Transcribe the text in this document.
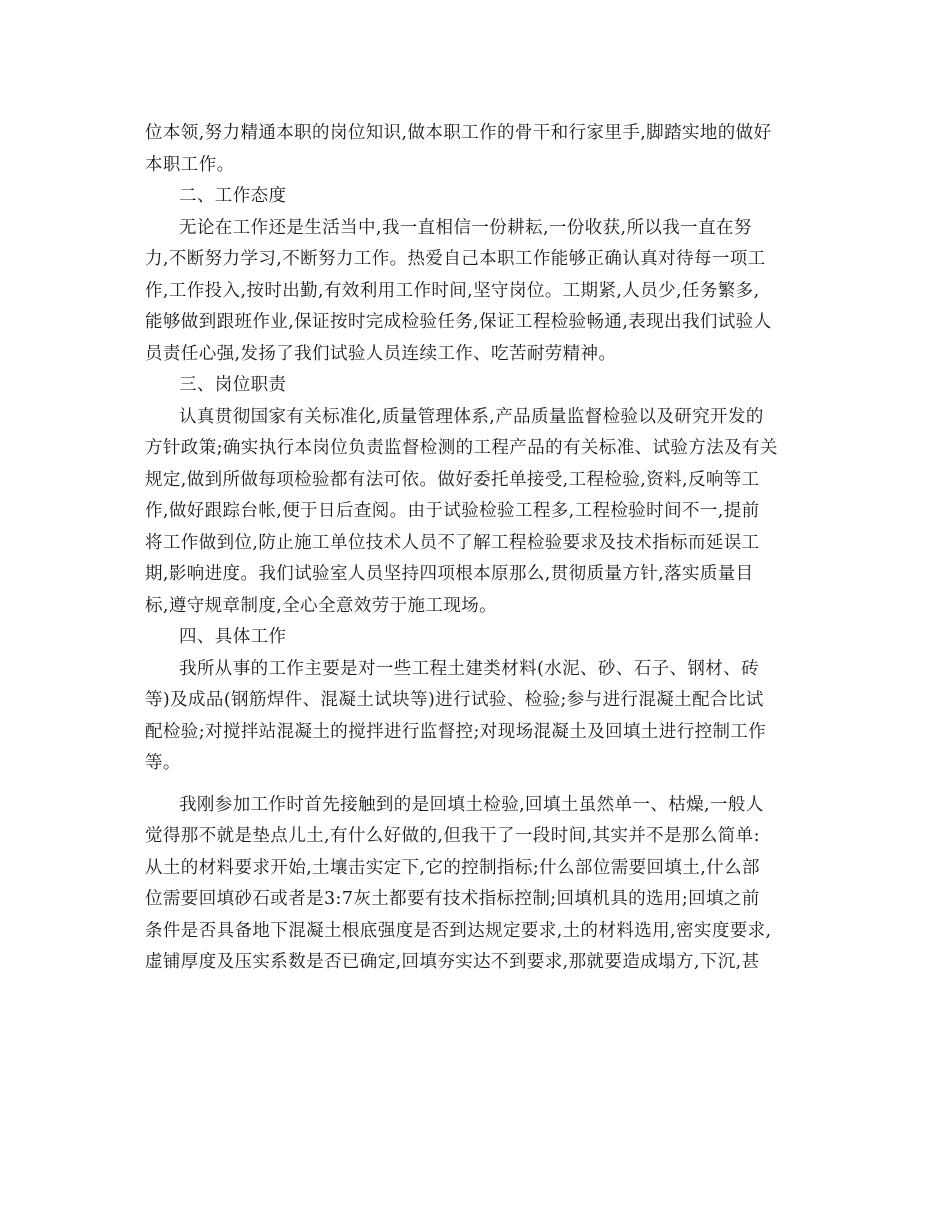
位本领,努力精通本职的岗位知识,做本职工作的骨干和行家里手,脚踏实地的做好
本职工作。
二、工作态度
无论在工作还是生活当中,我一直相信一份耕耘,一份收获,所以我一直在努
力,不断努力学习,不断努力工作。热爱自己本职工作能够正确认真对待每一项工
作,工作投入,按时出勤,有效利用工作时间,坚守岗位。工期紧,人员少,任务繁多,
能够做到跟班作业,保证按时完成检验任务,保证工程检验畅通,表现出我们试验人
员责任心强,发扬了我们试验人员连续工作、吃苦耐劳精神。
三、岗位职责
认真贯彻国家有关标准化,质量管理体系,产品质量监督检验以及研究开发的
方针政策;确实执行本岗位负责监督检测的工程产品的有关标准、试验方法及有关
规定,做到所做每项检验都有法可依。做好委托单接受,工程检验,资料,反响等工
作,做好跟踪台帐,便于日后查阅。由于试验检验工程多,工程检验时间不一,提前
将工作做到位,防止施工单位技术人员不了解工程检验要求及技术指标而延误工
期,影响进度。我们试验室人员坚持四项根本原那么,贯彻质量方针,落实质量目
标,遵守规章制度,全心全意效劳于施工现场。
四、具体工作
我所从事的工作主要是对一些工程土建类材料(水泥、砂、石子、钢材、砖
等)及成品(钢筋焊件、混凝土试块等)进行试验、检验;参与进行混凝土配合比试
配检验;对搅拌站混凝土的搅拌进行监督控;对现场混凝土及回填土进行控制工作
等。
我刚参加工作时首先接触到的是回填土检验,回填土虽然单一、枯燥,一般人
觉得那不就是垫点儿土,有什么好做的,但我干了一段时间,其实并不是那么简单:
从土的材料要求开始,土壤击实定下,它的控制指标;什么部位需要回填土,什么部
位需要回填砂石或者是3:7灰土都要有技术指标控制;回填机具的选用;回填之前
条件是否具备地下混凝土根底强度是否到达规定要求,土的材料选用,密实度要求,
虚铺厚度及压实系数是否已确定,回填夯实达不到要求,那就要造成塌方,下沉,甚
